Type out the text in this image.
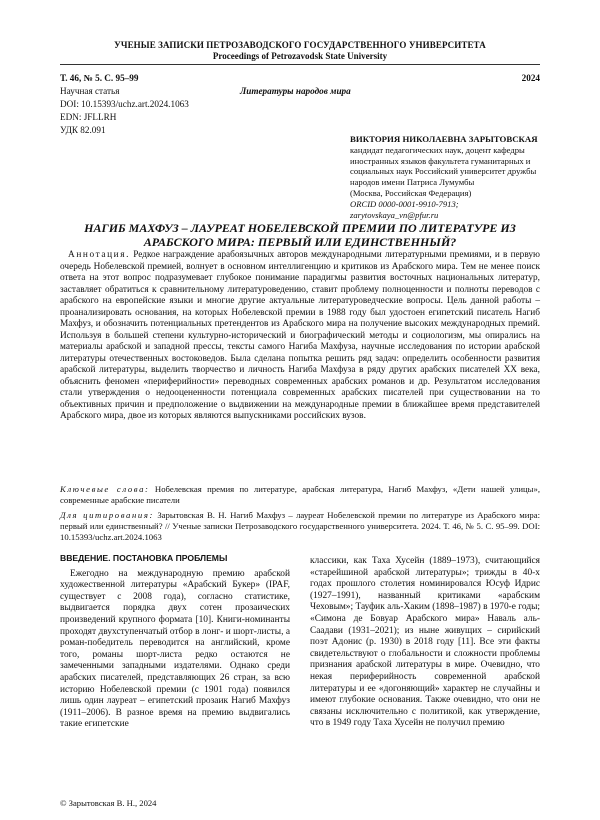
УЧЕНЫЕ ЗАПИСКИ ПЕТРОЗАВОДСКОГО ГОСУДАРСТВЕННОГО УНИВЕРСИТЕТА
Proceedings of Petrozavodsk State University
Т. 46, № 5. С. 95–99	2024
Научная статья	Литературы народов мира
DOI: 10.15393/uchz.art.2024.1063
EDN: JFLLRH
УДК 82.091
ВИКТОРИЯ НИКОЛАЕВНА ЗАРЫТОВСКАЯ
кандидат педагогических наук, доцент кафедры иностранных языков факультета гуманитарных и социальных наук Российский университет дружбы народов имени Патриса Лумумбы
(Москва, Российская Федерация)
ORCID 0000-0001-9910-7913; zarytovskaya_vn@pfur.ru
НАГИБ МАХФУЗ – ЛАУРЕАТ НОБЕЛЕВСКОЙ ПРЕМИИ ПО ЛИТЕРАТУРЕ ИЗ АРАБСКОГО МИРА: ПЕРВЫЙ ИЛИ ЕДИНСТВЕННЫЙ?
Аннотация. Редкое награждение арабоязычных авторов международными литературными премиями, и в первую очередь Нобелевской премией, волнует в основном интеллигенцию и критиков из Арабского мира. Тем не менее поиск ответа на этот вопрос подразумевает глубокое понимание парадигмы развития восточных национальных литератур, заставляет обратиться к сравнительному литературоведению, ставит проблему полноценности и полноты переводов с арабского на европейские языки и многие другие актуальные литературоведческие вопросы. Цель данной работы – проанализировать основания, на которых Нобелевской премии в 1988 году был удостоен египетский писатель Нагиб Махфуз, и обозначить потенциальных претендентов из Арабского мира на получение высоких международных премий. Используя в большей степени культурно-исторический и биографический методы и социологизм, мы опирались на материалы арабской и западной прессы, тексты самого Нагиба Махфуза, научные исследования по истории арабской литературы отечественных востоковедов. Была сделана попытка решить ряд задач: определить особенности развития арабской литературы, выделить творчество и личность Нагиба Махфуза в ряду других арабских писателей XX века, объяснить феномен «периферийности» переводных современных арабских романов и др. Результатом исследования стали утверждения о недооцененности потенциала современных арабских писателей при существовании на то объективных причин и предположение о выдвижении на международные премии в ближайшее время представителей Арабского мира, двое из которых являются выпускниками российских вузов.
Ключевые слова: Нобелевская премия по литературе, арабская литература, Нагиб Махфуз, «Дети нашей улицы», современные арабские писатели
Для цитирования: Зарытовская В. Н. Нагиб Махфуз – лауреат Нобелевской премии по литературе из Арабского мира: первый или единственный? // Ученые записки Петрозаводского государственного университета. 2024. Т. 46, № 5. С. 95–99. DOI: 10.15393/uchz.art.2024.1063
ВВЕДЕНИЕ. ПОСТАНОВКА ПРОБЛЕМЫ

Ежегодно на международную премию арабской художественной литературы «Арабский Букер» (IPAF, существует с 2008 года), согласно статистике, выдвигается порядка двух сотен прозаических произведений крупного формата [10]. Книги-номинанты проходят двухступенчатый отбор в лонг- и шорт-листы, а роман-победитель переводится на английский, кроме того, романы шорт-листа редко остаются не замеченными западными издателями. Однако среди арабских писателей, представляющих 26 стран, за всю историю Нобелевской премии (с 1901 года) появился лишь один лауреат – египетский прозаик Нагиб Махфуз (1911–2006). В разное время на премию выдвигались такие египетские

классики, как Таха Хусейн (1889–1973), считающийся «старейшиной арабской литературы»; трижды в 40-х годах прошлого столетия номинировался Юсуф Идрис (1927–1991), названный критиками «арабским Чеховым»; Тауфик аль-Хаким (1898–1987) в 1970-е годы; «Симона де Бовуар Арабского мира» Наваль аль-Саадави (1931–2021); из ныне живущих – сирийский поэт Адонис (р. 1930) в 2018 году [11]. Все эти факты свидетельствуют о глобальности и сложности проблемы признания арабской литературы в мире. Очевидно, что некая периферийность современной арабской литературы и ее «догоняющий» характер не случайны и имеют глубокие основания. Также очевидно, что они не связаны исключительно с политикой, как утверждение, что в 1949 году Таха Хусейн не получил премию

© Зарытовская В. Н., 2024
